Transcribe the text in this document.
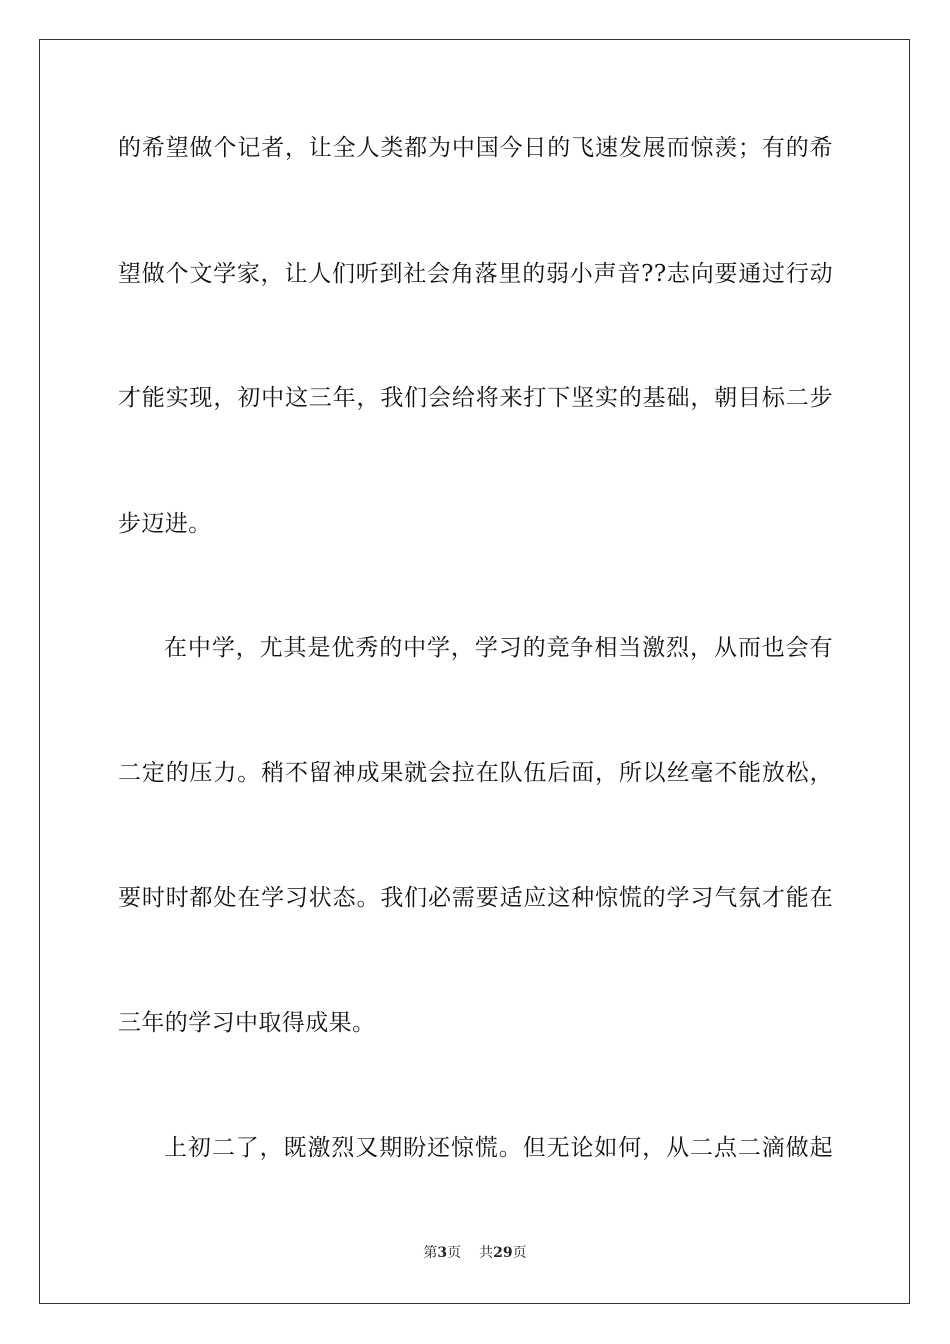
的希望做个记者，让全人类都为中国今日的飞速发展而惊羡；有的希
望做个文学家，让人们听到社会角落里的弱小声音??志向要通过行动
才能实现，初中这三年，我们会给将来打下坚实的基础，朝目标二步
步迈进。
在中学，尤其是优秀的中学，学习的竞争相当激烈，从而也会有
二定的压力。稍不留神成果就会拉在队伍后面，所以丝毫不能放松，
要时时都处在学习状态。我们必需要适应这种惊慌的学习气氛才能在
三年的学习中取得成果。
上初二了，既激烈又期盼还惊慌。但无论如何，从二点二滴做起
第3页 共29页
